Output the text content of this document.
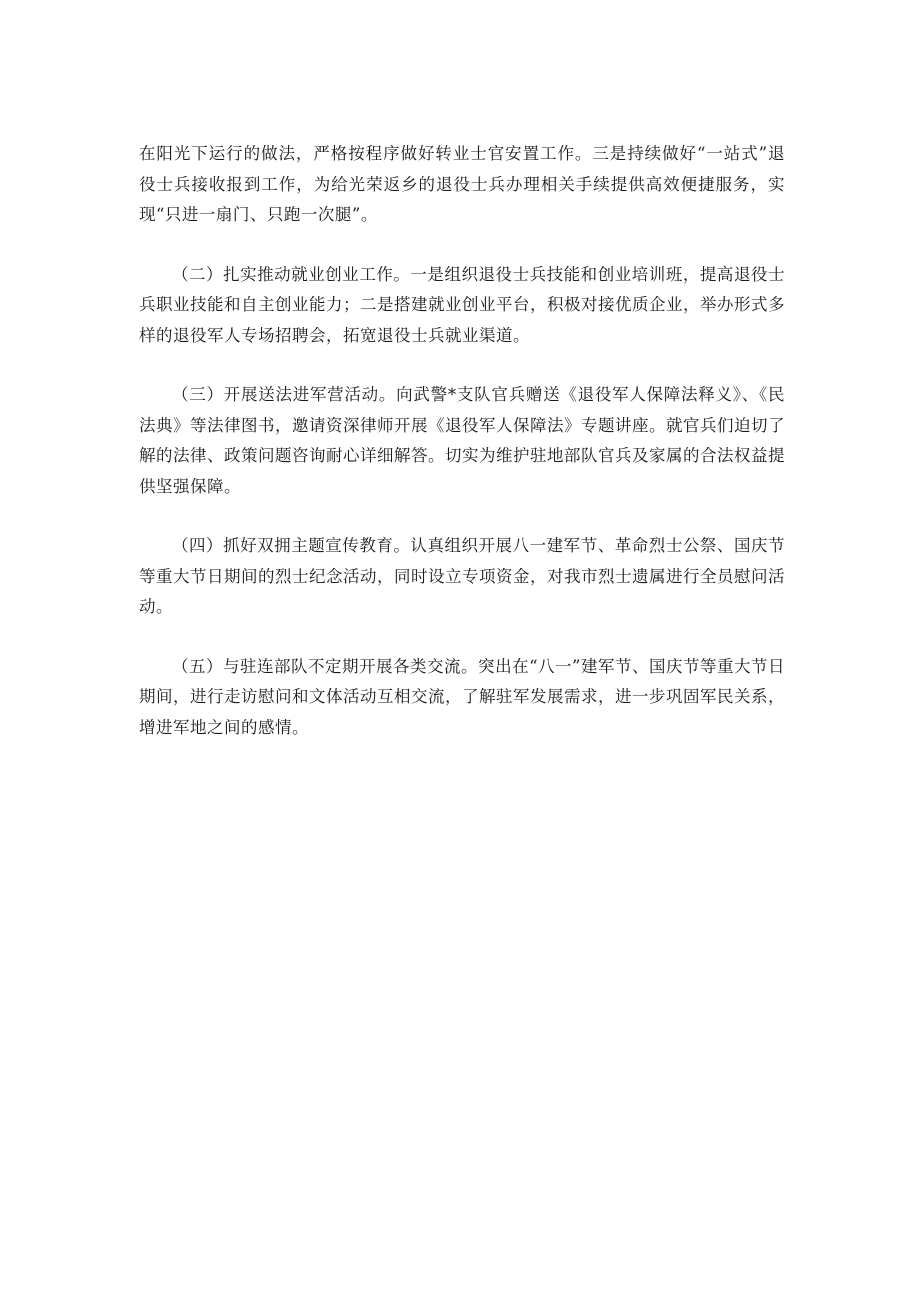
在阳光下运行的做法，严格按程序做好转业士官安置工作。三是持续做好“一站式”退役士兵接收报到工作，为给光荣返乡的退役士兵办理相关手续提供高效便捷服务，实现“只进一扇门、只跑一次腿”。

（二）扎实推动就业创业工作。一是组织退役士兵技能和创业培训班，提高退役士兵职业技能和自主创业能力；二是搭建就业创业平台，积极对接优质企业，举办形式多样的退役军人专场招聘会，拓宽退役士兵就业渠道。

（三）开展送法进军营活动。向武警*支队官兵赠送《退役军人保障法释义》、《民法典》等法律图书，邀请资深律师开展《退役军人保障法》专题讲座。就官兵们迫切了解的法律、政策问题咨询耐心详细解答。切实为维护驻地部队官兵及家属的合法权益提供坚强保障。

（四）抓好双拥主题宣传教育。认真组织开展八一建军节、革命烈士公祭、国庆节等重大节日期间的烈士纪念活动，同时设立专项资金，对我市烈士遗属进行全员慰问活动。

（五）与驻连部队不定期开展各类交流。突出在“八一”建军节、国庆节等重大节日期间，进行走访慰问和文体活动互相交流，了解驻军发展需求，进一步巩固军民关系，增进军地之间的感情。
